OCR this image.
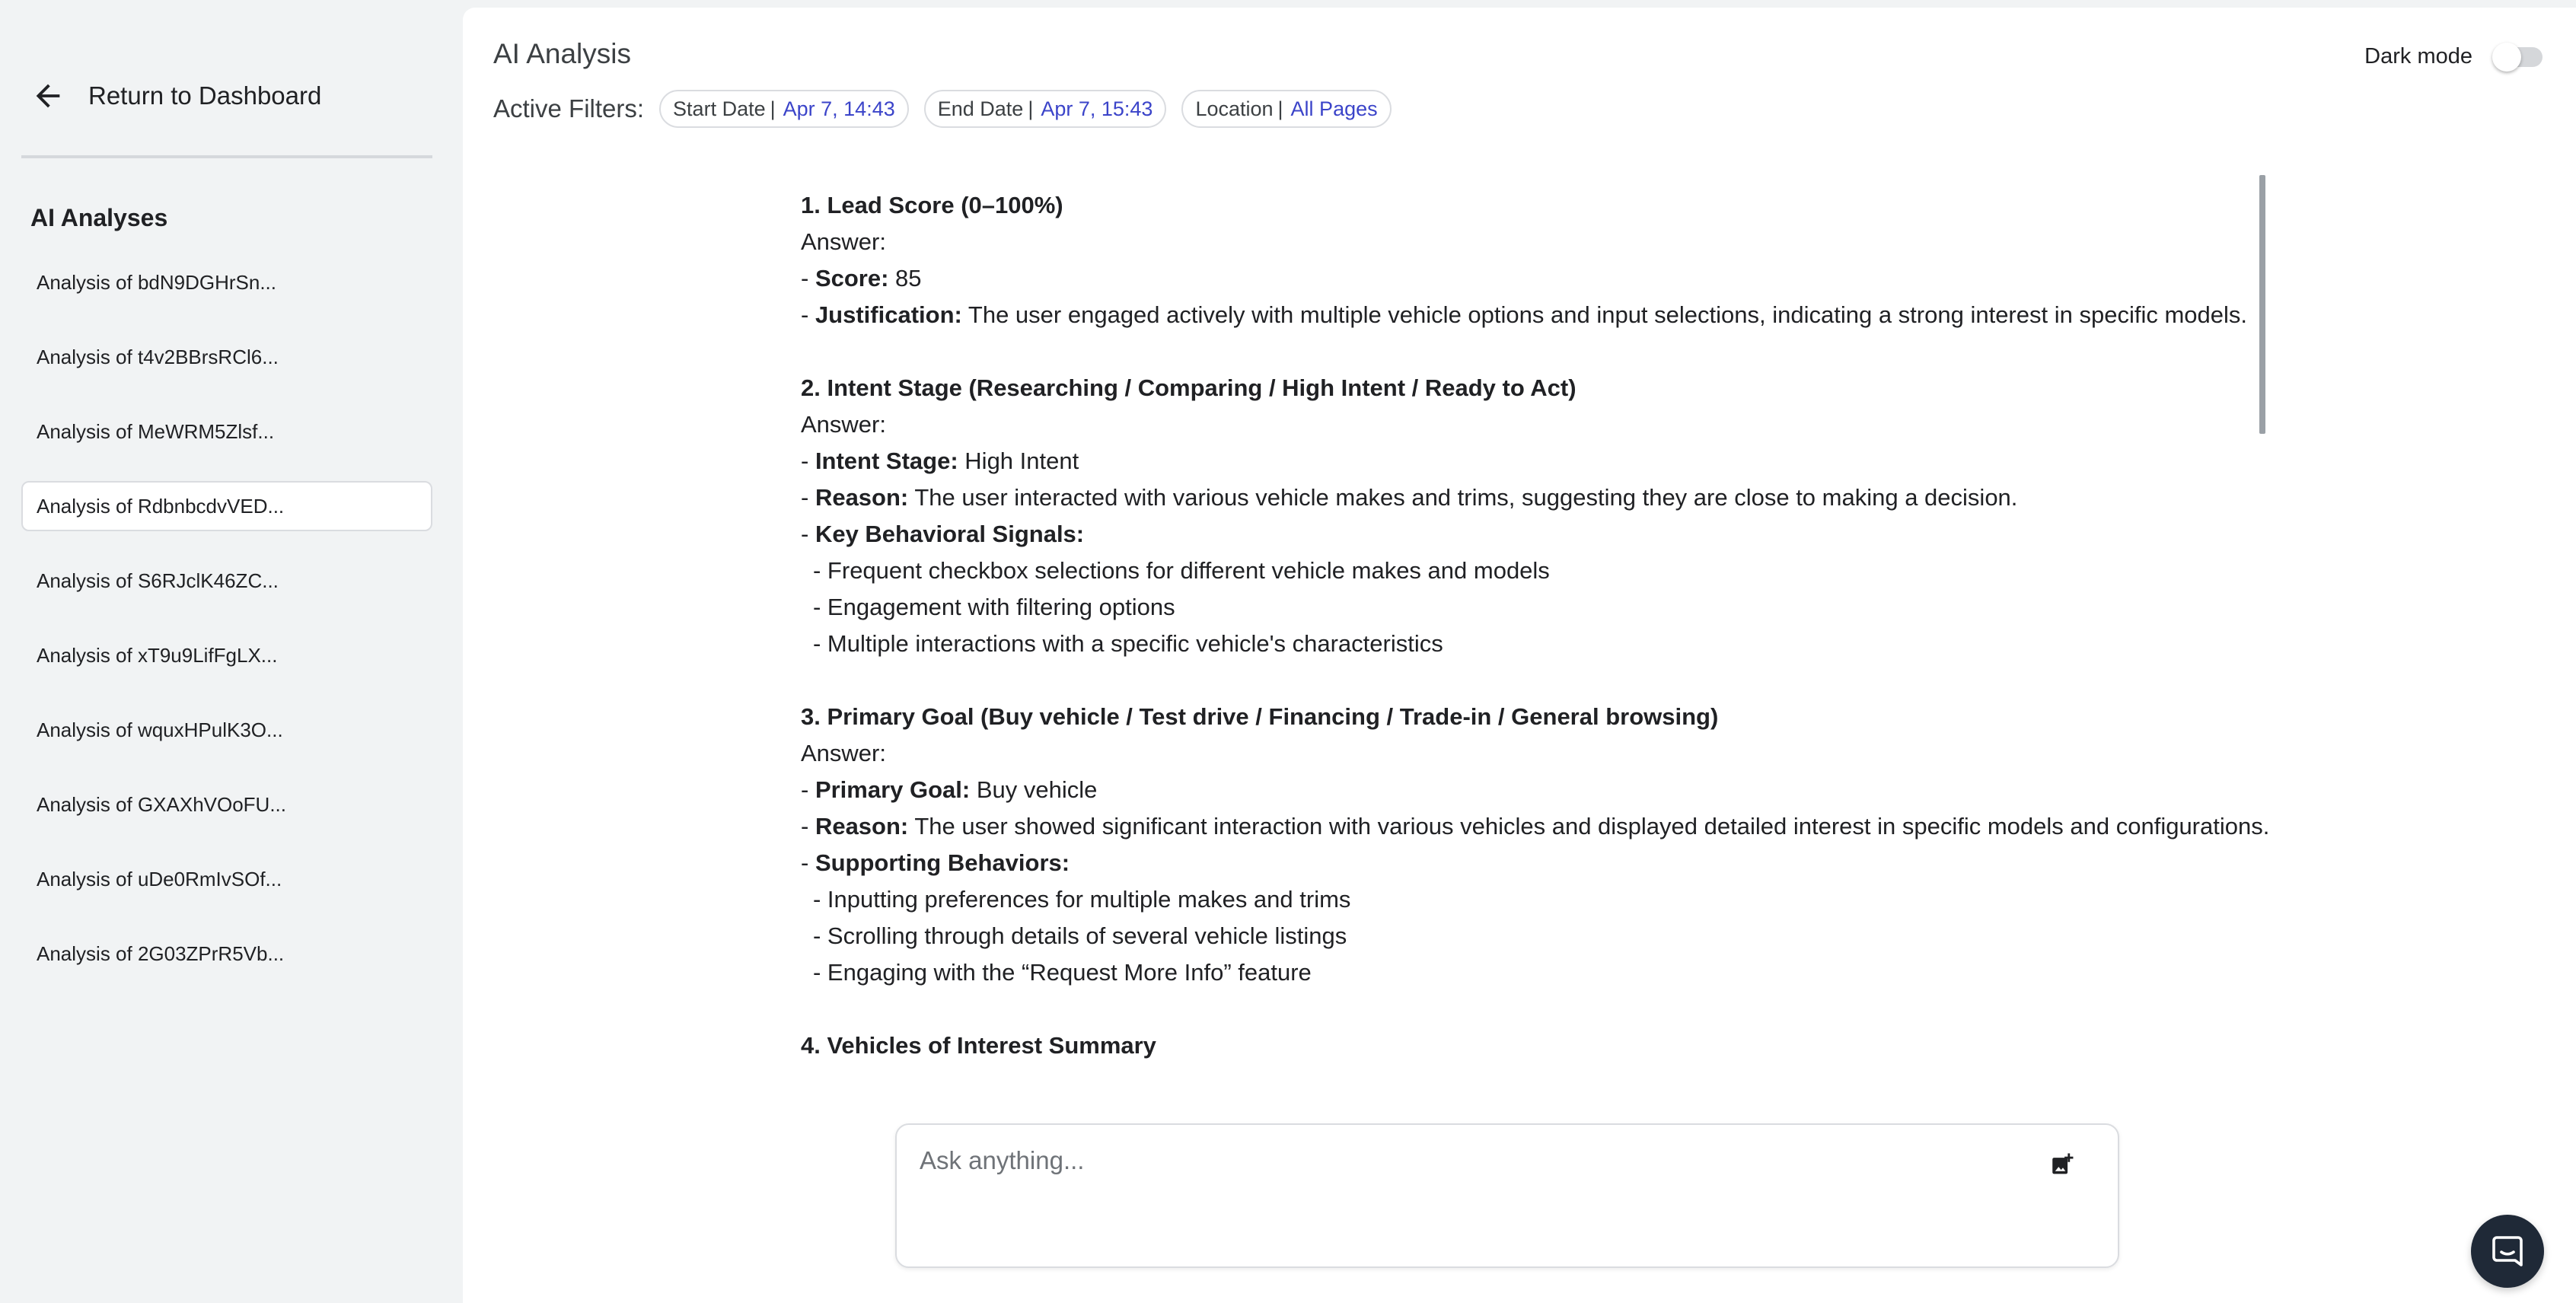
Return to Dashboard
AI Analyses
Analysis of bdN9DGHrSn...
Analysis of t4v2BBrsRCl6...
Analysis of MeWRM5Zlsf...
Analysis of RdbnbcdvVED...
Analysis of S6RJclK46ZC...
Analysis of xT9u9LifFgLX...
Analysis of wquxHPulK3O...
Analysis of GXAXhVOoFU...
Analysis of uDe0RmIvSOf...
Analysis of 2G03ZPrR5Vb...
AI Analysis	Dark mode
Active Filters: Start Date | Apr 7, 14:43 End Date | Apr 7, 15:43 Location | All Pages
1. Lead Score (0–100%)
Answer:
- Score: 85
- Justification: The user engaged actively with multiple vehicle options and input selections, indicating a strong interest in specific models.
2. Intent Stage (Researching / Comparing / High Intent / Ready to Act)
Answer:
- Intent Stage: High Intent
- Reason: The user interacted with various vehicle makes and trims, suggesting they are close to making a decision.
- Key Behavioral Signals:
- Frequent checkbox selections for different vehicle makes and models
- Engagement with filtering options
- Multiple interactions with a specific vehicle's characteristics
3. Primary Goal (Buy vehicle / Test drive / Financing / Trade-in / General browsing)
Answer:
- Primary Goal: Buy vehicle
- Reason: The user showed significant interaction with various vehicles and displayed detailed interest in specific models and configurations.
- Supporting Behaviors:
- Inputting preferences for multiple makes and trims
- Scrolling through details of several vehicle listings
- Engaging with the “Request More Info” feature
4. Vehicles of Interest Summary
Ask anything...
